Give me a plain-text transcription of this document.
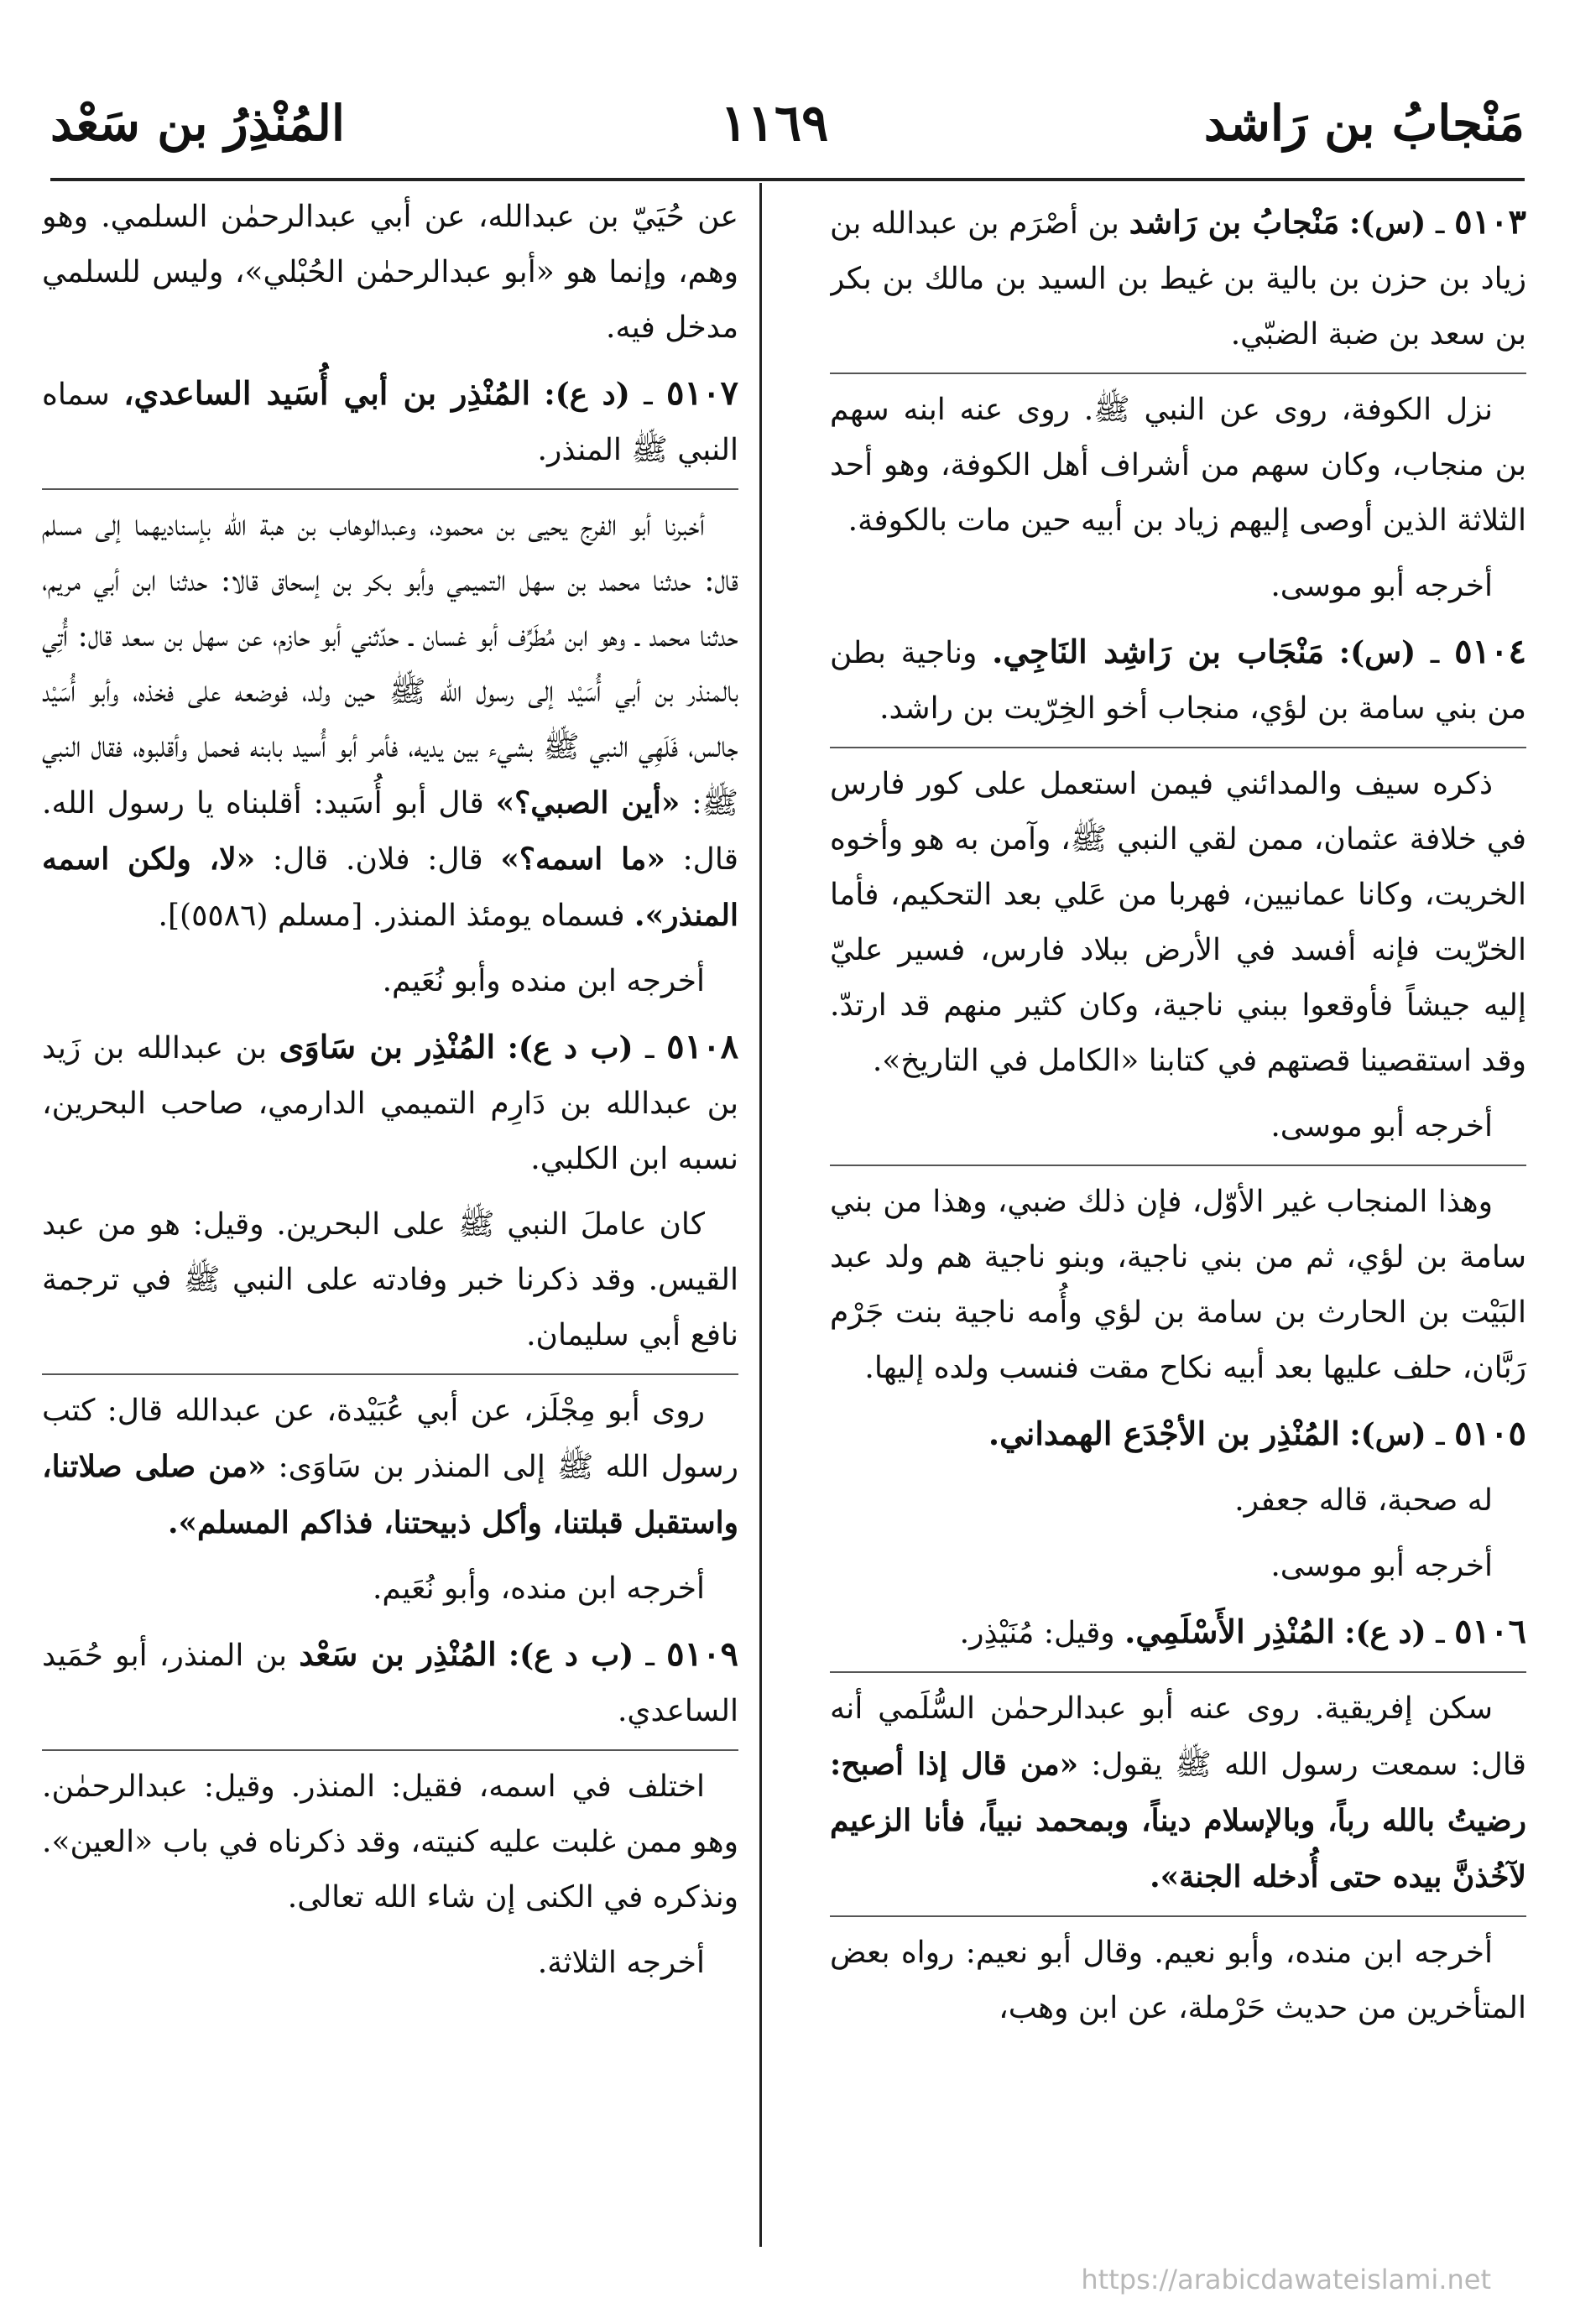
مَنْجابُ بن رَاشد
١١٦٩
المُنْذِرُ بن سَعْد

٥١٠٣ ـ (س): مَنْجابُ بن رَاشد بن أصْرَم بن عبدالله بن زياد بن حزن بن بالية بن غيط بن السيد بن مالك بن بكر بن سعد بن ضبة الضبّي.

نزل الكوفة، روى عن النبي ﷺ. روى عنه ابنه سهم بن منجاب، وكان سهم من أشراف أهل الكوفة، وهو أحد الثلاثة الذين أوصى إليهم زياد بن أبيه حين مات بالكوفة.

أخرجه أبو موسى.

٥١٠٤ ـ (س): مَنْجَاب بن رَاشِد النَاجِي. وناجية بطن من بني سامة بن لؤي، منجاب أخو الخِرّيت بن راشد.

ذكره سيف والمدائني فيمن استعمل على كور فارس في خلافة عثمان، ممن لقي النبي ﷺ، وآمن به هو وأخوه الخريت، وكانا عمانيين، فهربا من عَلي بعد التحكيم، فأما الخرّيت فإنه أفسد في الأرض ببلاد فارس، فسير عليّ إليه جيشاً فأوقعوا ببني ناجية، وكان كثير منهم قد ارتدّ. وقد استقصينا قصتهم في كتابنا «الكامل في التاريخ».

أخرجه أبو موسى.

وهذا المنجاب غير الأوّل، فإن ذلك ضبي، وهذا من بني سامة بن لؤي، ثم من بني ناجية، وبنو ناجية هم ولد عبد البَيْت بن الحارث بن سامة بن لؤي وأُمه ناجية بنت جَرْم رَبَّان، حلف عليها بعد أبيه نكاح مقت فنسب ولده إليها.

٥١٠٥ ـ (س): المُنْذِر بن الأجْدَع الهمداني.

له صحبة، قاله جعفر.

أخرجه أبو موسى.

٥١٠٦ ـ (د ع): المُنْذِر الأَسْلَمِي. وقيل: مُنَيْذِر.

سكن إفريقية. روى عنه أبو عبدالرحمٰن السُّلَمي أنه قال: سمعت رسول الله ﷺ يقول: «من قال إذا أصبح: رضيتُ بالله رباً، وبالإسلام ديناً، وبمحمد نبياً، فأنا الزعيم لآخُذنَّ بيده حتى أُدخله الجنة».

أخرجه ابن منده، وأبو نعيم. وقال أبو نعيم: رواه بعض المتأخرين من حديث حَرْملة، عن ابن وهب،

عن حُيَيّ بن عبدالله، عن أبي عبدالرحمٰن السلمي. وهو وهم، وإنما هو «أبو عبدالرحمٰن الحُبْلي»، وليس للسلمي مدخل فيه.

٥١٠٧ ـ (د ع): المُنْذِر بن أبي أُسَيد الساعدي، سماه النبي ﷺ المنذر.

أخبرنا أبو الفرج يحيى بن محمود، وعبدالوهاب بن هبة الله بإسناديهما إلى مسلم قال: حدثنا محمد بن سهل التميمي وأبو بكر بن إسحاق قالا: حدثنا ابن أبي مريم، حدثنا محمد ـ وهو ابن مُطَرِّف أبو غسان ـ حدّثني أبو حازم، عن سهل بن سعد قال: أُتِي بالمنذر بن أبي أُسَيْد إلى رسول الله ﷺ حين ولد، فوضعه على فخذه، وأبو أُسَيْد جالس، فَلَهِي النبي ﷺ بشيء بين يديه، فأمر أبو أُسيد بابنه فحمل وأقلبوه، فقال النبي ﷺ: «أين الصبي؟» قال أبو أُسَيد: أقلبناه يا رسول الله. قال: «ما اسمه؟» قال: فلان. قال: «لا، ولكن اسمه المنذر». فسماه يومئذ المنذر. [مسلم (٥٥٨٦)].

أخرجه ابن منده وأبو نُعَيم.

٥١٠٨ ـ (ب د ع): المُنْذِر بن سَاوَى بن عبدالله بن زَيد بن عبدالله بن دَارِم التميمي الدارمي، صاحب البحرين، نسبه ابن الكلبي.

كان عاملَ النبي ﷺ على البحرين. وقيل: هو من عبد القيس. وقد ذكرنا خبر وفادته على النبي ﷺ في ترجمة نافع أبي سليمان.

روى أبو مِجْلَز، عن أبي عُبَيْدة، عن عبدالله قال: كتب رسول الله ﷺ إلى المنذر بن سَاوَى: «من صلى صلاتنا، واستقبل قبلتنا، وأكل ذبيحتنا، فذاكم المسلم».

أخرجه ابن منده، وأبو نُعَيم.

٥١٠٩ ـ (ب د ع): المُنْذِر بن سَعْد بن المنذر، أبو حُمَيد الساعدي.

اختلف في اسمه، فقيل: المنذر. وقيل: عبدالرحمٰن. وهو ممن غلبت عليه كنيته، وقد ذكرناه في باب «العين». ونذكره في الكنى إن شاء الله تعالى.

أخرجه الثلاثة.

https://arabicdawateislami.net
